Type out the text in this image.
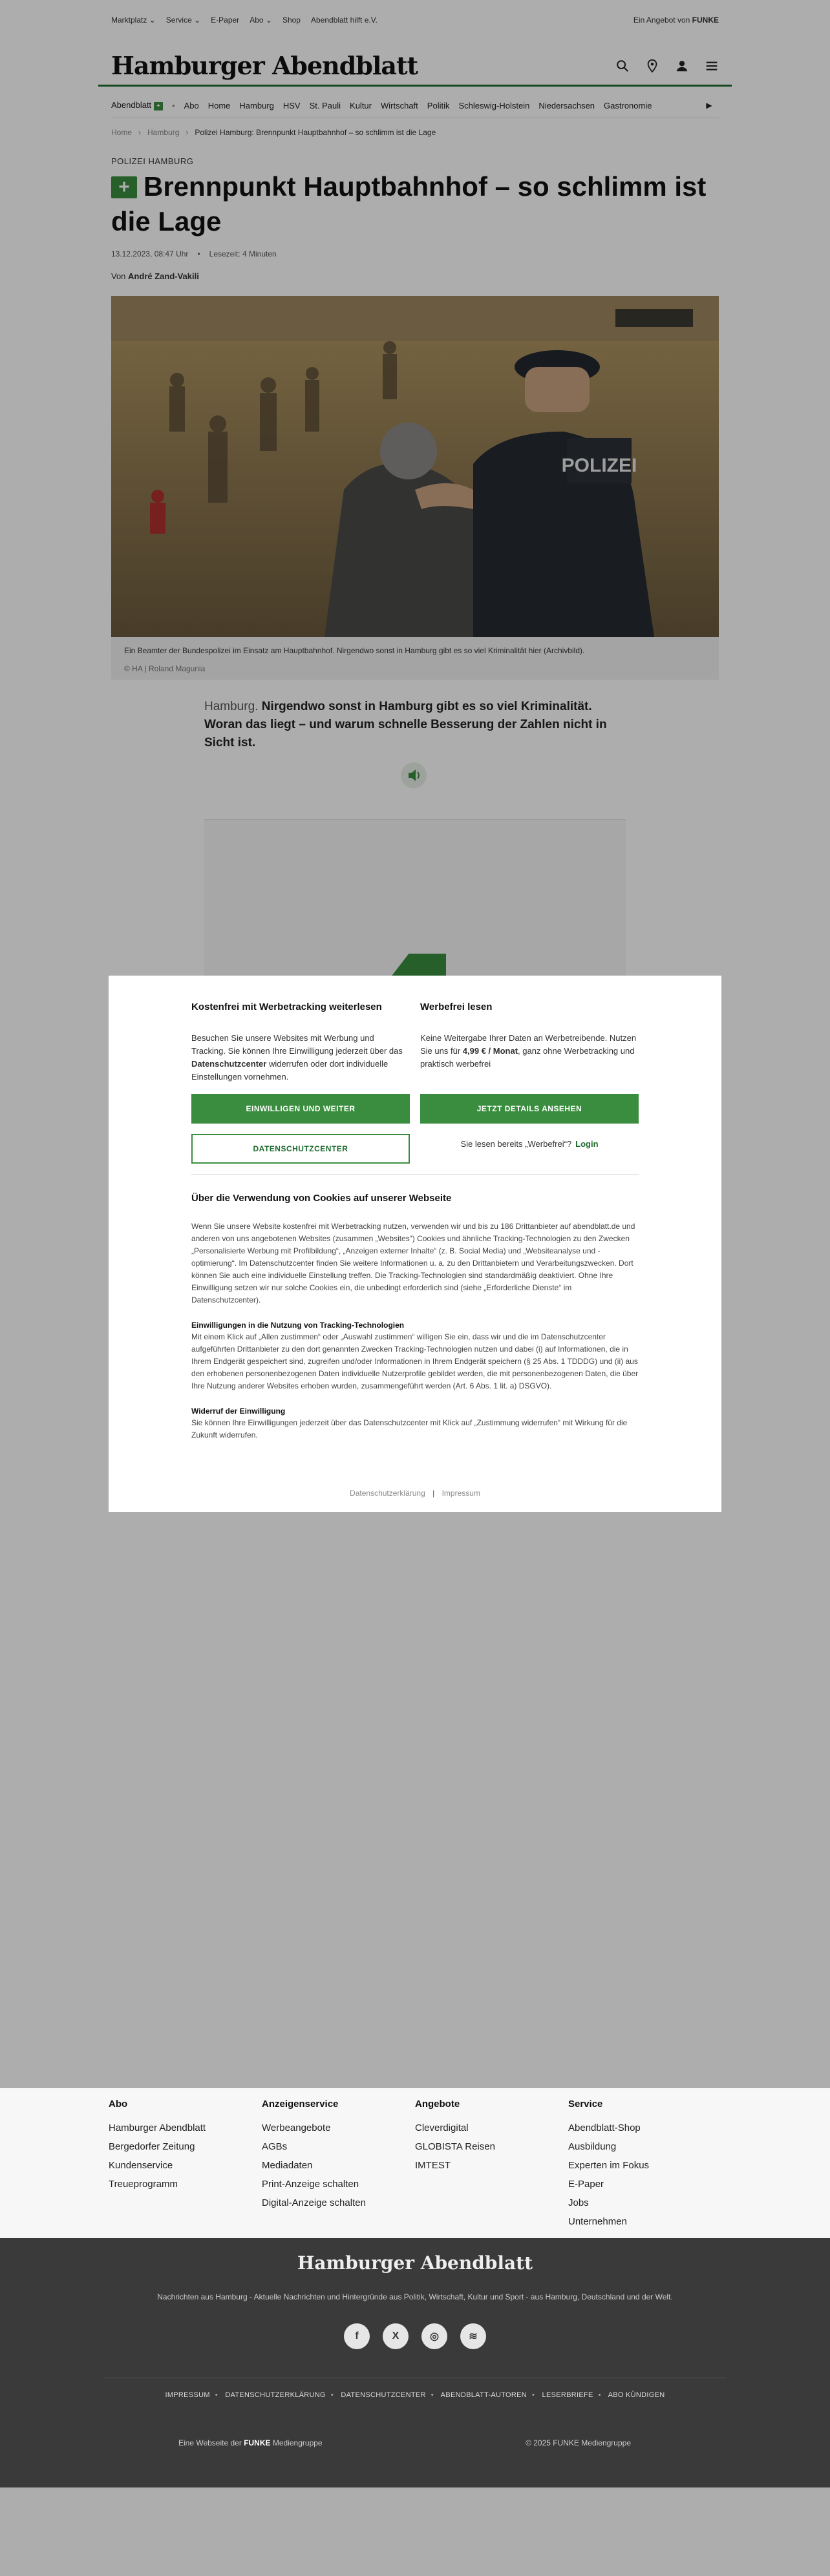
Marktplatz ⌄ Service ⌄ E-Paper Abo ⌄ Shop Abendblatt hilft e.V.	Ein Angebot von FUNKE
Hamburger Abendblatt
Abendblatt +	• Abo Home Hamburg HSV St. Pauli Kultur Wirtschaft Politik Schleswig-Holstein Niedersachsen Gastronomie	▶
Home › Hamburg › Polizei Hamburg: Brennpunkt Hauptbahnhof – so schlimm ist die Lage
POLIZEI HAMBURG
+ Brennpunkt Hauptbahnhof – so schlimm ist die Lage
13.12.2023, 08:47 Uhr • Lesezeit: 4 Minuten
Von André Zand-Vakili
POLIZEI
Ein Beamter der Bundespolizei im Einsatz am Hauptbahnhof. Nirgendwo sonst in Hamburg gibt es so viel Kriminalität hier (Archivbild).
© HA | Roland Magunia

Hamburg. Nirgendwo sonst in Hamburg gibt es so viel Kriminalität. Woran das liegt – und warum schnelle Besserung der Zahlen nicht in Sicht ist.

Kostenfrei mit Werbetracking weiterlesen

Besuchen Sie unsere Websites mit Werbung und Tracking. Sie können Ihre Einwilligung jederzeit über das Datenschutzcenter widerrufen oder dort individuelle Einstellungen vornehmen.

EINWILLIGEN UND WEITER
DATENSCHUTZCENTER
Werbefrei lesen

Keine Weitergabe Ihrer Daten an Werbetreibende. Nutzen Sie uns für 4,99 € / Monat, ganz ohne Werbetracking und praktisch werbefrei

JETZT DETAILS ANSEHEN
Sie lesen bereits „Werbefrei“? Login
Über die Verwendung von Cookies auf unserer Webseite

Wenn Sie unsere Website kostenfrei mit Werbetracking nutzen, verwenden wir und bis zu 186 Drittanbieter auf abendblatt.de und anderen von uns angebotenen Websites (zusammen „Websites“) Cookies und ähnliche Tracking-Technologien zu den Zwecken „Personalisierte Werbung mit Profilbildung“, „Anzeigen externer Inhalte“ (z. B. Social Media) und „Websiteanalyse und -optimierung“. Im Datenschutzcenter finden Sie weitere Informationen u. a. zu den Drittanbietern und Verarbeitungszwecken. Dort können Sie auch eine individuelle Einstellung treffen. Die Tracking-Technologien sind standardmäßig deaktiviert. Ohne Ihre Einwilligung setzen wir nur solche Cookies ein, die unbedingt erforderlich sind (siehe „Erforderliche Dienste“ im Datenschutzcenter).

Einwilligungen in die Nutzung von Tracking-Technologien

Mit einem Klick auf „Allen zustimmen“ oder „Auswahl zustimmen“ willigen Sie ein, dass wir und die im Datenschutzcenter aufgeführten Drittanbieter zu den dort genannten Zwecken Tracking-Technologien nutzen und dabei (i) auf Informationen, die in Ihrem Endgerät gespeichert sind, zugreifen und/oder Informationen in Ihrem Endgerät speichern (§ 25 Abs. 1 TDDDG) und (ii) aus den erhobenen personenbezogenen Daten individuelle Nutzerprofile gebildet werden, die mit personenbezogenen Daten, die über Ihre Nutzung anderer Websites erhoben wurden, zusammengeführt werden (Art. 6 Abs. 1 lit. a) DSGVO).

Widerruf der Einwilligung

Sie können Ihre Einwilligungen jederzeit über das Datenschutzcenter mit Klick auf „Zustimmung widerrufen“ mit Wirkung für die Zukunft widerrufen.

Datenschutzerklärung | Impressum
Abo
Hamburger Abendblatt
Bergedorfer Zeitung
Kundenservice
Treueprogramm
Anzeigenservice
Werbeangebote
AGBs
Mediadaten
Print-Anzeige schalten
Digital-Anzeige schalten
Angebote
Cleverdigital
GLOBISTA Reisen
IMTEST
Service
Abendblatt-Shop
Ausbildung
Experten im Fokus
E-Paper
Jobs
Unternehmen
Hamburger Abendblatt
Nachrichten aus Hamburg - Aktuelle Nachrichten und Hintergründe aus Politik, Wirtschaft, Kultur und Sport - aus Hamburg, Deutschland und der Welt.
f	X	◎	≋
IMPRESSUM • DATENSCHUTZERKLÄRUNG • DATENSCHUTZCENTER • ABENDBLATT-AUTOREN • LESERBRIEFE • ABO KÜNDIGEN
Eine Webseite der FUNKE Mediengruppe	© 2025 FUNKE Mediengruppe
